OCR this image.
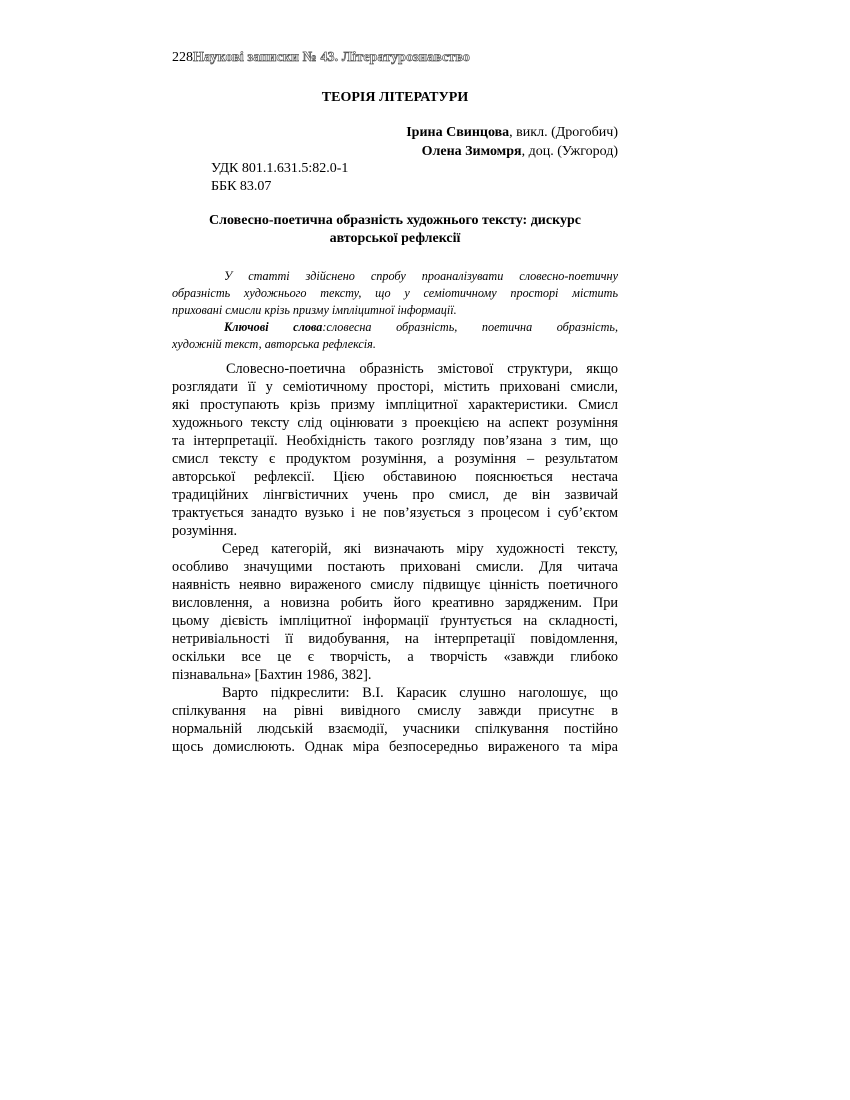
228Наукові записки № 43. Літературознавство
ТЕОРІЯ ЛІТЕРАТУРИ
Ірина Свинцова, викл. (Дрогобич)
Олена Зимомря, доц. (Ужгород)
УДК 801.1.631.5:82.0-1
ББК 83.07
Словесно-поетична образність художнього тексту: дискурс
авторської рефлексії
У статті здійснено спробу проаналізувати словесно-поетичну
образність художнього тексту, що у семіотичному просторі містить
приховані смисли крізь призму імпліцитної інформації.
Ключові слова:словесна образність, поетична образність,
художній текст, авторська рефлексія.
Словесно-поетична образність змістової структури, якщо
розглядати її у семіотичному просторі, містить приховані смисли,
які проступають крізь призму імпліцитної характеристики. Смисл
художнього тексту слід оцінювати з проекцією на аспект розуміння
та інтерпретації. Необхідність такого розгляду пов’язана з тим, що
смисл тексту є продуктом розуміння, а розуміння – результатом
авторської рефлексії. Цією обставиною пояснюється нестача
традиційних лінгвістичних учень про смисл, де він зазвичай
трактується занадто вузько і не пов’язується з процесом і суб’єктом
розуміння.
Серед категорій, які визначають міру художності тексту,
особливо значущими постають приховані смисли. Для читача
наявність неявно вираженого смислу підвищує цінність поетичного
висловлення, а новизна робить його креативно зарядженим. При
цьому дієвість імпліцитної інформації ґрунтується на складності,
нетривіальності її видобування, на інтерпретації повідомлення,
оскільки все це є творчість, а творчість «завжди глибоко
пізнавальна» [Бахтин 1986, 382].
Варто підкреслити: В.І. Карасик слушно наголошує, що
спілкування на рівні вивідного смислу завжди присутнє в
нормальній людській взаємодії, учасники спілкування постійно
щось домислюють. Однак міра безпосередньо вираженого та міра
